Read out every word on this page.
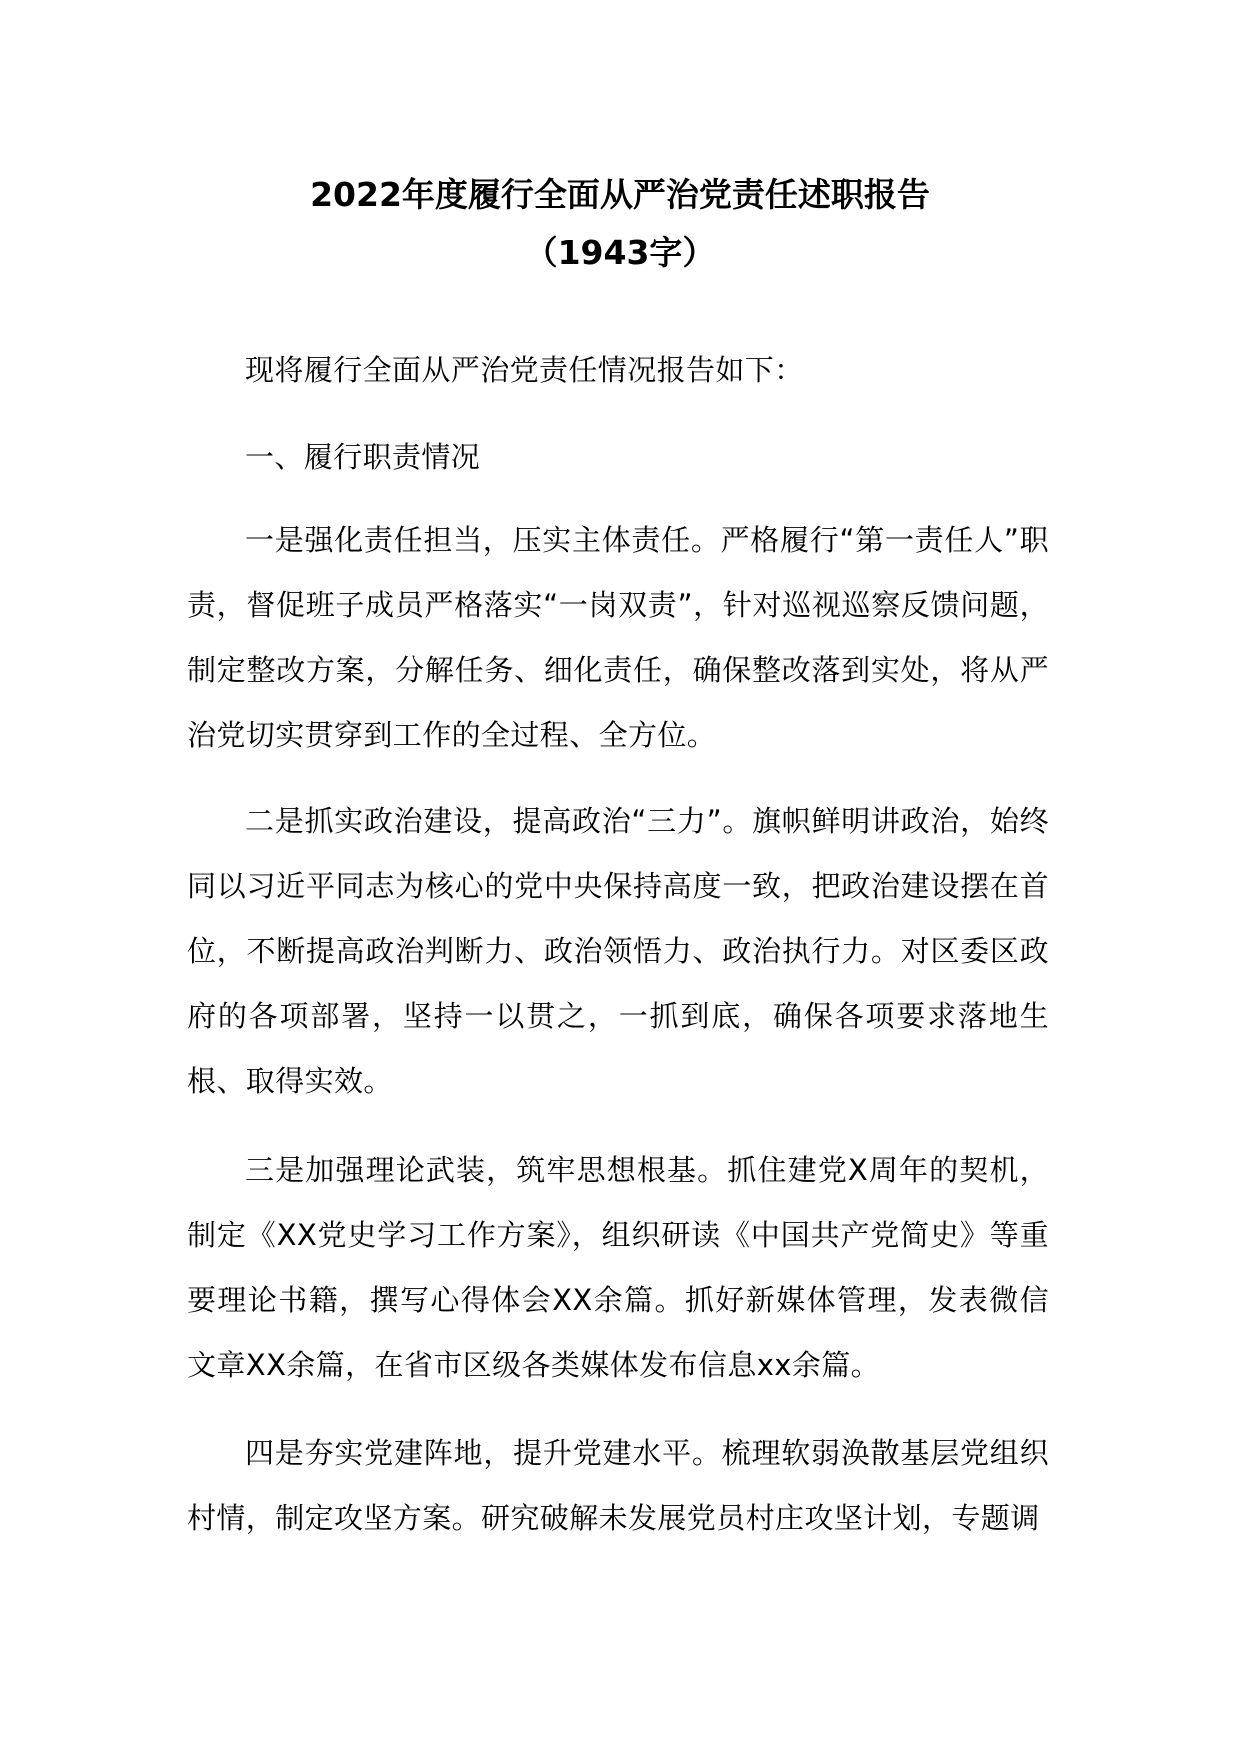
2022年度履行全面从严治党责任述职报告
（1943字）

现将履行全面从严治党责任情况报告如下：

一、履行职责情况

一是强化责任担当，压实主体责任。严格履行“第一责任人”职责，督促班子成员严格落实“一岗双责”，针对巡视巡察反馈问题，制定整改方案，分解任务、细化责任，确保整改落到实处，将从严治党切实贯穿到工作的全过程、全方位。

二是抓实政治建设，提高政治“三力”。旗帜鲜明讲政治，始终同以习近平同志为核心的党中央保持高度一致，把政治建设摆在首位，不断提高政治判断力、政治领悟力、政治执行力。对区委区政府的各项部署，坚持一以贯之，一抓到底，确保各项要求落地生根、取得实效。

三是加强理论武装，筑牢思想根基。抓住建党X周年的契机，制定《XX党史学习工作方案》，组织研读《中国共产党简史》等重要理论书籍，撰写心得体会XX余篇。抓好新媒体管理，发表微信文章XX余篇，在省市区级各类媒体发布信息xx余篇。

四是夯实党建阵地，提升党建水平。梳理软弱涣散基层党组织村情，制定攻坚方案。研究破解未发展党员村庄攻坚计划，专题调
